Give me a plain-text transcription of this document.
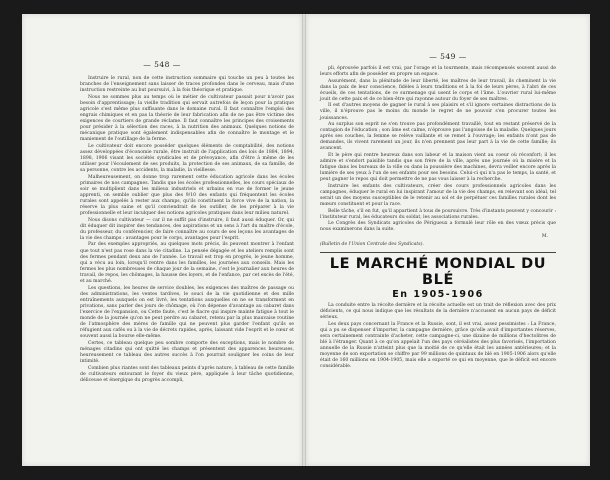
— 548 —

Instruire le rural, non de cette instruction sommaire qui touche un peu à toutes les branches de l'enseignement sans laisser de traces profondes dans le cerveau, mais d'une instruction restreinte au but poursuivi, à la fois théorique et pratique.

Nous ne sommes plus au temps où le métier de cultivateur passait pour n'avoir pas besoin d'apprentissage; la vieille tradition qui servait autrefois de leçon pour la pratique agricole s'est même plus suffisante dans le domaine rural. Il faut connaître l'emploi des engrais chimiques et en pas la théorie de leur fabrication afin de ne pas être victime des exigences de courtiers de grande réclame. Il faut connaître les principes des croisements pour présider à la sélection des races, à la nutrition des animaux. Quelques notions de mécanique pratique sont également indispensables afin de connaître le montage et le maniement de l'outillage de la ferme.

Le cultivateur doit encore posséder quelques éléments de comptabilité, des notions assez développées d'économie rurale, être instruit de l'application des lois de 1884, 1894, 1898, 1906 visant les sociétés syndicales et de prévoyance, afin d'être à même de les utiliser pour l'écoulement de ses produits, la protection de ses animaux, de sa famille, de sa personne, contre les accidents, la maladie, la vieillesse.

Malheureusement, on donne trop rarement cette éducation agricole dans les écoles primaires de nos campagnes. Tandis que les écoles professionnelles, les cours spéciaux de soir se multiplient dans les milieux industriels et urbains en vue de former le jeune apprenti, on semble oublier que plus des 9/10 des enfants qui fréquentent les écoles rurales sont appelés à rester aux champs, qu'ils constituent la force vive de la nation, la réserve la plus saine et qu'il conviendrait de les outiller, de les préparer à la vie professionnelle et leur inculquer des notions agricoles pratiques dans leur milieu naturel.

Nous disons cultivateur — car il ne suffit pas d'instruire, il faut aussi éduquer. Or, qui dit éduquer dit inspirer des tendances, des aspirations et un sens à l'art du maître d'école, du professeur, du conférencier, de faire connaître au cours de ses leçons les avantages de la vie des champs : avantages pour le corps, avantages pour l'esprit.

Par des exemples appropriés, au quelques mots précis, ils peuvent montrer à l'enfant que tout n'est pas rose dans la vie citadine. La pensée dégagée et les ateliers remplis sont des fermes pendant deux ans de l'année. Le travail est trop en progrès, le jeune homme, qui a vécu au loin, lorsqu'il rentre dans les familles, les journées aux conseils. Mais les fermes les plus nombreuses de chaque jour de la semaine, c'est le journalier aux heures de travail, de repos, les chômages, la hausse des loyers, et de l'enfance, par cet excès de l'été, et au marché.

Les questions, les heures de service doubles, les exigences des maîtres de passage ou des administrations, les ventes tardives, le souci de la vie quotidienne et des mille entraînements auxquels on est livré, les tentations auxquelles on ne se transforment en privations, sans parler des jours de chômage, où l'on dépense d'avantage au cabaret dans l'exercice de l'expansion, ou Cette faute, c'est le fiacre qui inspire mainte fatigue à tout le monde de la journée qu'on ne peut perdre au cabaret, retenu par la plus mauvaise routine de l'atmosphère des mères de famille qui ne peuvent plus garder l'enfant qu'ils se réfugient aux cafés ou à la vie de décrets rapides, après, laissant vide l'esprit et le cœur et souvent aussi la bourse elle-même.

Certes, ce tableau quelque peu sombre comporte des exceptions, mais le nombre de ménages citadins qui ont quitté les champs et présentent des apparences heureuses, heureusement ce tableau des autres succès à l'on pourrait souligner les coins de leur intimité.

Combien plus riantes sont des tableaux peints d'après nature, à tableau de cette famille de cultivateurs entourant le foyer du vieux père, appliquée à leur tâche quotidienne, déliceuse et énergique du progrès accompli,

— 549 —

pli, éprouvée parfois il est vrai, par l'orage et la tourmente, mais récompensés souvent aussi de leurs efforts afin de posséder en propre un espace.

Assurément, dans la plénitude de leur liberté, les maîtres de leur travail, ils cheminent la vie dans la paix de leur conscience, fidèles à leurs traditions et à la foi de leurs pères, à l'abri de ces écueils, de ces tentations, de ce surmenage qui usent le corps et l'âme. L'ouvrier rural lui-même jouit de cette paix et de ce bien-être qui rayonne autour du foyer de ses maîtres.

Il est d'autres moyens de gagner le rural à ses plaisirs et s'il ignore certaines distractions de la ville, il n'éprouve pas le moins du monde le regret de ne pouvoir s'en procurer toutes les jouissances.

Au surplus son esprit ne s'en trouve pas profondément travaillé, tout en restant préservé de la contagion de l'éducation ; son âme est calme, n'éprouve pas l'angoisse de la maladie. Quelques jours après ses couches, la femme se relève vaillante et se remet à l'ouvrage; les enfants n'ont pas de demandes, ils vivent rarement un jour, ils n'en prennent pas leur part à la vie de cette famille; ils avancent.

Et le père qui rentre heureux dans son labeur et la maison vient au coeur où réconfort; il les admire et s'endort paisible tandis que son frère de la ville, après une journée où la misère et la fatigue dans les bureaux de la ville ou dans la poussière des machines, devra veiller encore après la lumière de ses yeux à l'un de ses enfants pour ses besoins. Celui-ci qui n'a pas le temps, la santé, et peut gagner le repos qui doit permettre de ne pas vous laisser à la recherche.

Instruire les enfants des cultivateurs, créer des cours professionnels agricoles dans les campagnes, éduquer le rural en lui inspirant l'amour de la vie des champs, en relevant son idéal, tel serait un des moyens susceptibles de le retenir au sol et de perpétuer ces familles rurales dont les mœurs constituent et pour la race.

Belle tâche, s'il en fut, qu'il appartient à tous de poursuivre. Très d'instants peuvent y concourir : l'instituteur rural, les éducateurs du soldat, les associations rurales.

Le Congrès des Syndicats agricoles de Périgueux a formulé leur rôle en des vœux précis que nous examinerons dans la suite.

M.

(Bulletin de l'Union Centrale des Syndicats).

LE MARCHÉ MONDIAL DU BLÉ
En 1905-1906

La conduite entre la récolte dernière et la récolte actuelle est un trait de réflexion avec des prix déficients, ce qui nous indique que les résultats de la dernière n'accusent en aucun pays de déficit sérieux.

Les deux pays concernant la France et la Russie, sont, il est vrai, assez pessimistes : La France, qui a pu se dispenser d'importer, la campagne dernière, grâce qu'elle avait d'importantes réserves, sera certainement contrainte d'acheter, cette campagne-ci, une dizaine de millions d'hectolitres de blé à l'étranger. Quant à ce qu'on appelait l'un des pays céréalistes des plus favorisés, l'importation annuelle de la Russie n'atteint plus que la moitié de ce qu'elle était les années antérieures; et la moyenne de son exportation se chiffre par 99 millions de quintaux de blé en 1905-1906 alors qu'elle était de 160 millions en 1904-1905, mais elle a exporté ce qui en moyenne, que le déficit est encore considérable.
